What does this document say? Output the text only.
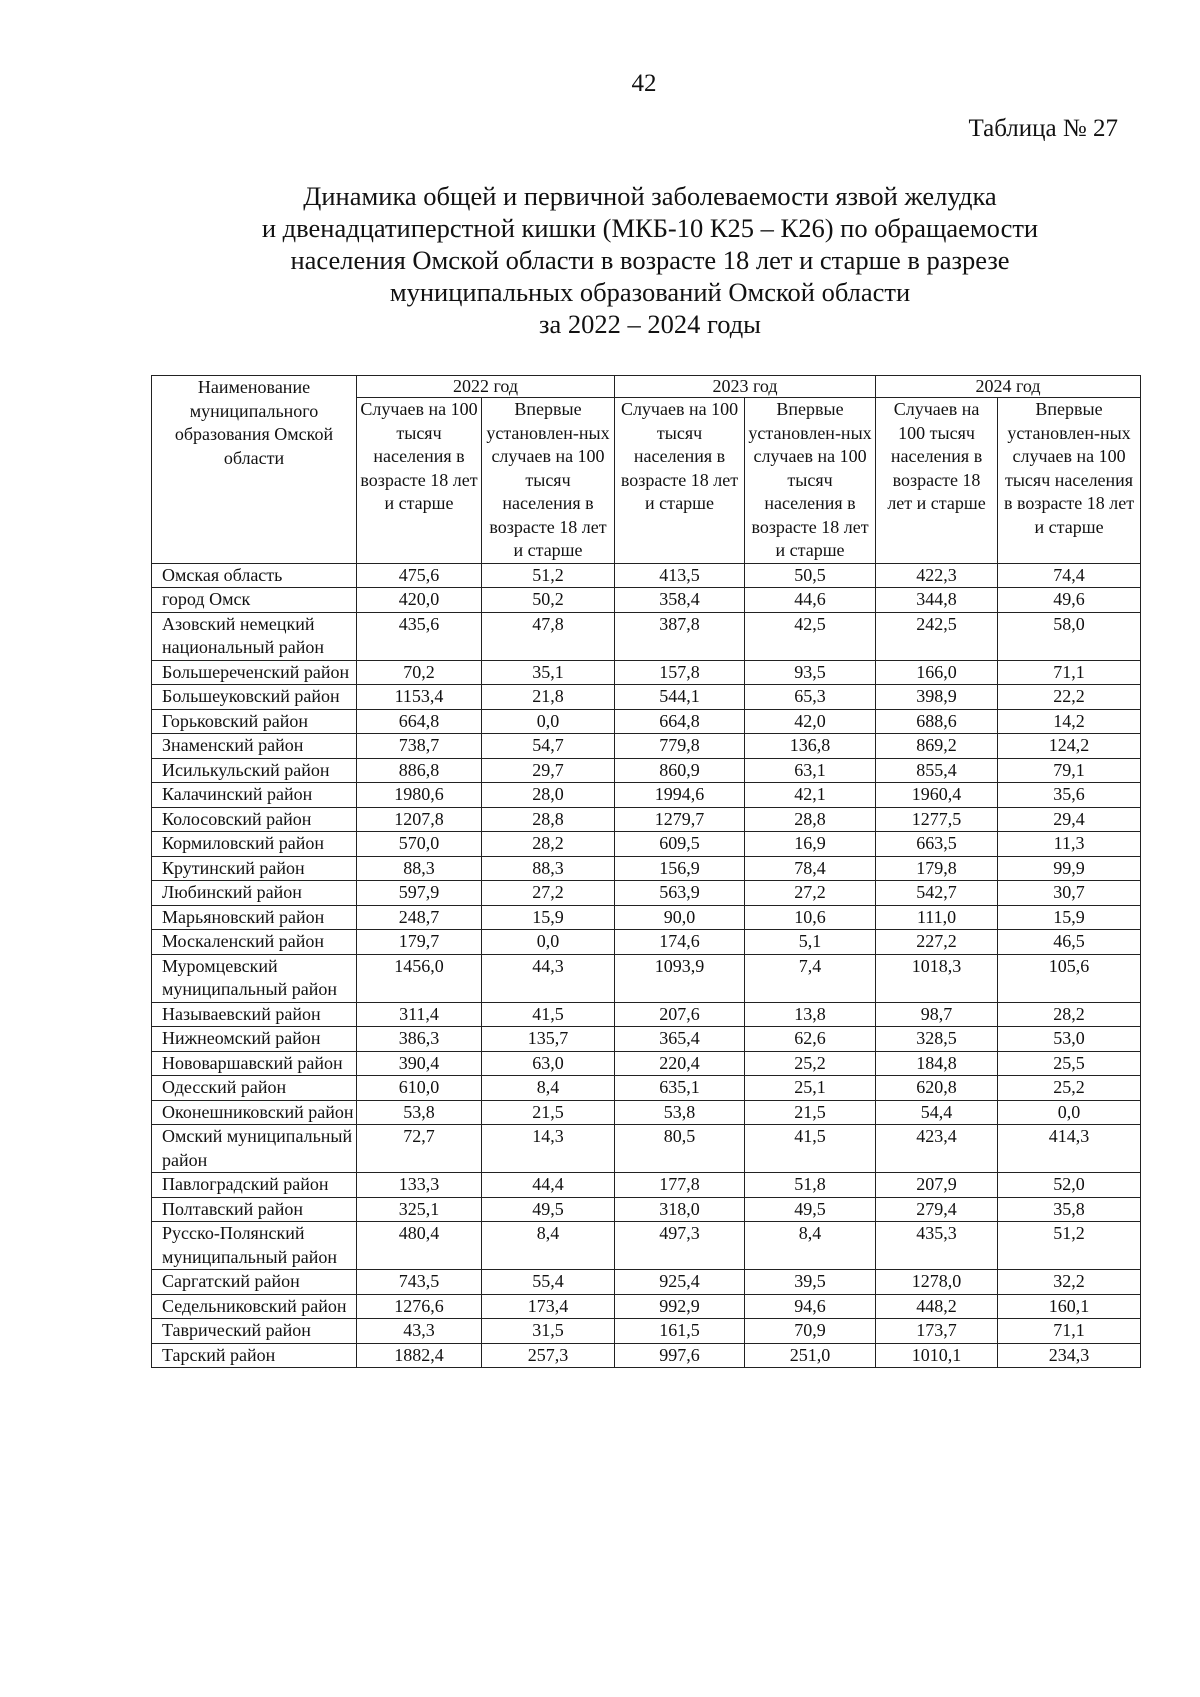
42
Таблица № 27
Динамика общей и первичной заболеваемости язвой желудка
и двенадцатиперстной кишки (МКБ-10 К25 – К26) по обращаемости
населения Омской области в возрасте 18 лет и старше в разрезе
муниципальных образований Омской области
за 2022 – 2024 годы
Наименование муниципального образования Омской области	2022 год		2023 год		2024 год	
	Случаев на 100 тысяч населения в возрасте 18 лет и старше	Впервые установлен-ных случаев на 100 тысяч населения в возрасте 18 лет и старше	Случаев на 100 тысяч населения в возрасте 18 лет и старше	Впервые установлен-ных случаев на 100 тысяч населения в возрасте 18 лет и старше	Случаев на 100 тысяч населения в возрасте 18 лет и старше	Впервые установлен-ных случаев на 100 тысяч населения в возрасте 18 лет и старше
Омская область	475,6	51,2	413,5	50,5	422,3	74,4
город Омск	420,0	50,2	358,4	44,6	344,8	49,6
Азовский немецкий национальный район	435,6	47,8	387,8	42,5	242,5	58,0
Большереченский район	70,2	35,1	157,8	93,5	166,0	71,1
Большеуковский район	1153,4	21,8	544,1	65,3	398,9	22,2
Горьковский район	664,8	0,0	664,8	42,0	688,6	14,2
Знаменский район	738,7	54,7	779,8	136,8	869,2	124,2
Исилькульский район	886,8	29,7	860,9	63,1	855,4	79,1
Калачинский район	1980,6	28,0	1994,6	42,1	1960,4	35,6
Колосовский район	1207,8	28,8	1279,7	28,8	1277,5	29,4
Кормиловский район	570,0	28,2	609,5	16,9	663,5	11,3
Крутинский район	88,3	88,3	156,9	78,4	179,8	99,9
Любинский район	597,9	27,2	563,9	27,2	542,7	30,7
Марьяновский район	248,7	15,9	90,0	10,6	111,0	15,9
Москаленский район	179,7	0,0	174,6	5,1	227,2	46,5
Муромцевский муниципальный район	1456,0	44,3	1093,9	7,4	1018,3	105,6
Называевский район	311,4	41,5	207,6	13,8	98,7	28,2
Нижнеомский район	386,3	135,7	365,4	62,6	328,5	53,0
Нововаршавский район	390,4	63,0	220,4	25,2	184,8	25,5
Одесский район	610,0	8,4	635,1	25,1	620,8	25,2
Оконешниковский район	53,8	21,5	53,8	21,5	54,4	0,0
Омский муниципальный район	72,7	14,3	80,5	41,5	423,4	414,3
Павлоградский район	133,3	44,4	177,8	51,8	207,9	52,0
Полтавский район	325,1	49,5	318,0	49,5	279,4	35,8
Русско-Полянский муниципальный район	480,4	8,4	497,3	8,4	435,3	51,2
Саргатский район	743,5	55,4	925,4	39,5	1278,0	32,2
Седельниковский район	1276,6	173,4	992,9	94,6	448,2	160,1
Таврический район	43,3	31,5	161,5	70,9	173,7	71,1
Тарский район	1882,4	257,3	997,6	251,0	1010,1	234,3
